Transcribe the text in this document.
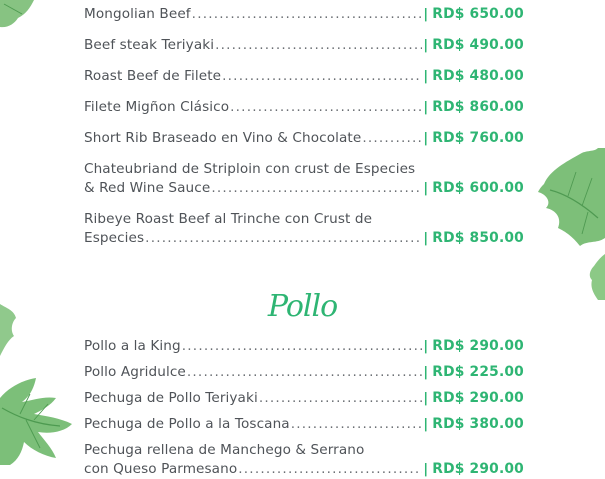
Mongolian Beef .....	| RD$ 650.00
Beef steak Teriyaki .....	| RD$ 490.00
Roast Beef de Filete .....	| RD$ 480.00
Filete Migñon Clásico .....	| RD$ 860.00
Short Rib Braseado en Vino & Chocolate .....	| RD$ 760.00
Chateubriand de Striploin con crust de Especies
& Red Wine Sauce .....	| RD$ 600.00
Ribeye Roast Beef al Trinche con Crust de
Especies .....	| RD$ 850.00
Pollo
Pollo a la King .....	| RD$ 290.00
Pollo Agridulce .....	| RD$ 225.00
Pechuga de Pollo Teriyaki .....	| RD$ 290.00
Pechuga de Pollo a la Toscana .....	| RD$ 380.00
Pechuga rellena de Manchego & Serrano
con Queso Parmesano .....	| RD$ 290.00
